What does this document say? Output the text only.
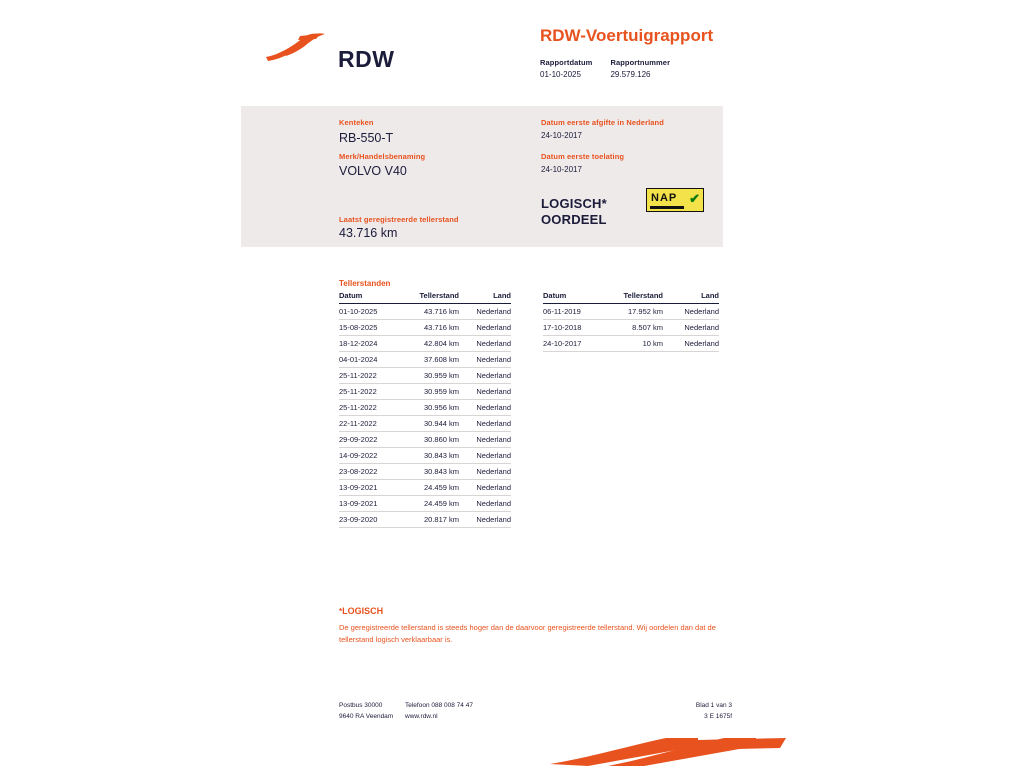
RDW
RDW-Voertuigrapport
Rapportdatum
01-10-2025

Rapportnummer
29.579.126
Kenteken
RB-550-T
Merk/Handelsbenaming
VOLVO V40
Laatst geregistreerde tellerstand
43.716 km
Datum eerste afgifte in Nederland
24-10-2017
Datum eerste toelating
24-10-2017
LOGISCH*
OORDEEL
NAP ✔
Tellerstanden
Datum	Tellerstand	Land
01-10-2025	43.716 km	Nederland
15-08-2025	43.716 km	Nederland
18-12-2024	42.804 km	Nederland
04-01-2024	37.608 km	Nederland
25-11-2022	30.959 km	Nederland
25-11-2022	30.959 km	Nederland
25-11-2022	30.956 km	Nederland
22-11-2022	30.944 km	Nederland
29-09-2022	30.860 km	Nederland
14-09-2022	30.843 km	Nederland
23-08-2022	30.843 km	Nederland
13-09-2021	24.459 km	Nederland
13-09-2021	24.459 km	Nederland
23-09-2020	20.817 km	Nederland
Datum	Tellerstand	Land
06-11-2019	17.952 km	Nederland
17-10-2018	8.507 km	Nederland
24-10-2017	10 km	Nederland
*LOGISCH
De geregistreerde tellerstand is steeds hoger dan de daarvoor geregistreerde tellerstand. Wij oordelen dan dat de tellerstand logisch verklaarbaar is.
Postbus 30000
9640 RA Veendam
Telefoon 088 008 74 47
www.rdw.nl
Blad 1 van 3
3 E 1675f
